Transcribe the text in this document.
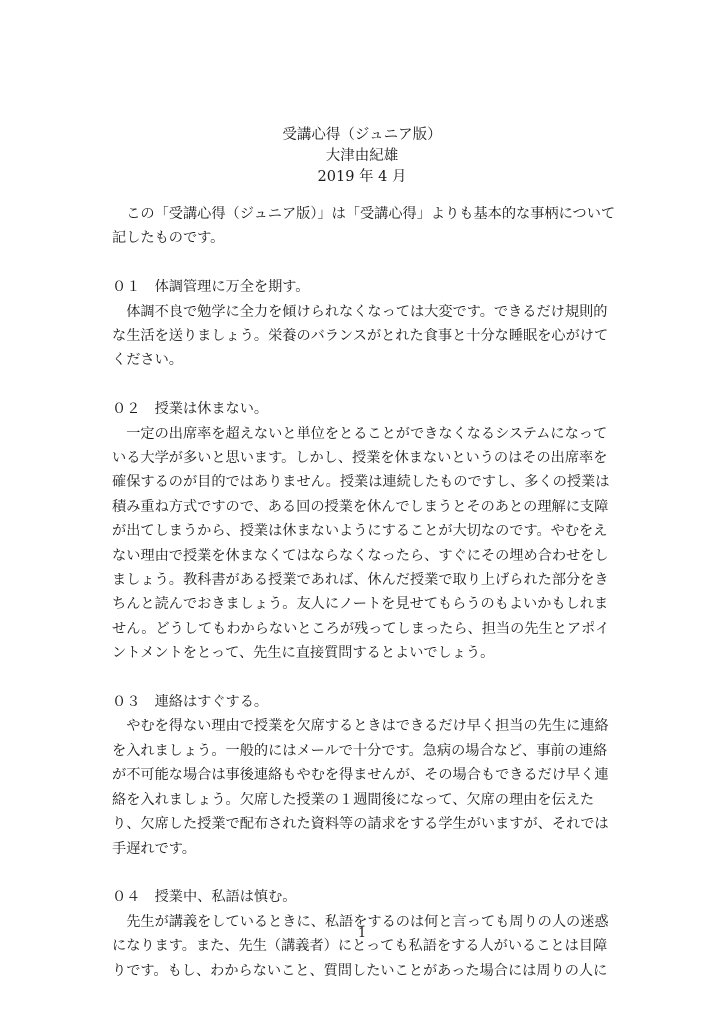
受講心得（ジュニア版）
大津由紀雄
2019 年 4 月

この「受講心得（ジュニア版）」は「受講心得」よりも基本的な事柄について記したものです。

０１　体調管理に万全を期す。

体調不良で勉学に全力を傾けられなくなっては大変です。できるだけ規則的な生活を送りましょう。栄養のバランスがとれた食事と十分な睡眠を心がけてください。

０２　授業は休まない。

一定の出席率を超えないと単位をとることができなくなるシステムになっている大学が多いと思います。しかし、授業を休まないというのはその出席率を確保するのが目的ではありません。授業は連続したものですし、多くの授業は積み重ね方式ですので、ある回の授業を休んでしまうとそのあとの理解に支障が出てしまうから、授業は休まないようにすることが大切なのです。やむをえない理由で授業を休まなくてはならなくなったら、すぐにその埋め合わせをしましょう。教科書がある授業であれば、休んだ授業で取り上げられた部分をきちんと読んでおきましょう。友人にノートを見せてもらうのもよいかもしれません。どうしてもわからないところが残ってしまったら、担当の先生とアポイントメントをとって、先生に直接質問するとよいでしょう。

０３　連絡はすぐする。

やむを得ない理由で授業を欠席するときはできるだけ早く担当の先生に連絡を入れましょう。一般的にはメールで十分です。急病の場合など、事前の連絡が不可能な場合は事後連絡もやむを得ませんが、その場合もできるだけ早く連絡を入れましょう。欠席した授業の１週間後になって、欠席の理由を伝えたり、欠席した授業で配布された資料等の請求をする学生がいますが、それでは手遅れです。

０４　授業中、私語は慎む。

先生が講義をしているときに、私語をするのは何と言っても周りの人の迷惑になります。また、先生（講義者）にとっても私語をする人がいることは目障りです。もし、わからないこと、質問したいことがあった場合には周りの人に

1
